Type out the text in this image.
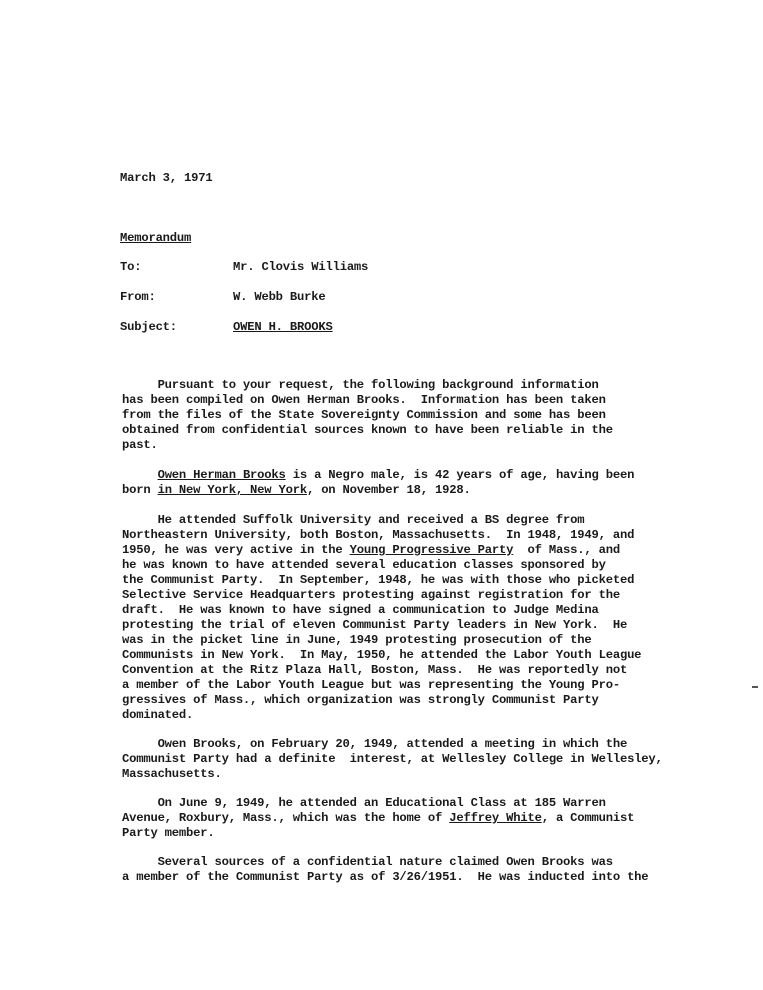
March 3, 1971
Memorandum
To:	Mr. Clovis Williams
From:	W. Webb Burke
Subject:	OWEN H. BROOKS
Pursuant to your request, the following background information
has been compiled on Owen Herman Brooks.  Information has been taken
from the files of the State Sovereignty Commission and some has been
obtained from confidential sources known to have been reliable in the
past.
Owen Herman Brooks is a Negro male, is 42 years of age, having been
born in New York, New York, on November 18, 1928.
He attended Suffolk University and received a BS degree from
Northeastern University, both Boston, Massachusetts.  In 1948, 1949, and
1950, he was very active in the Young Progressive Party  of Mass., and
he was known to have attended several education classes sponsored by
the Communist Party.  In September, 1948, he was with those who picketed
Selective Service Headquarters protesting against registration for the
draft.  He was known to have signed a communication to Judge Medina
protesting the trial of eleven Communist Party leaders in New York.  He
was in the picket line in June, 1949 protesting prosecution of the
Communists in New York.  In May, 1950, he attended the Labor Youth League
Convention at the Ritz Plaza Hall, Boston, Mass.  He was reportedly not
a member of the Labor Youth League but was representing the Young Pro-
gressives of Mass., which organization was strongly Communist Party
dominated.
Owen Brooks, on February 20, 1949, attended a meeting in which the
Communist Party had a definite  interest, at Wellesley College in Wellesley,
Massachusetts.
On June 9, 1949, he attended an Educational Class at 185 Warren
Avenue, Roxbury, Mass., which was the home of Jeffrey White, a Communist
Party member.
Several sources of a confidential nature claimed Owen Brooks was
a member of the Communist Party as of 3/26/1951.  He was inducted into the
